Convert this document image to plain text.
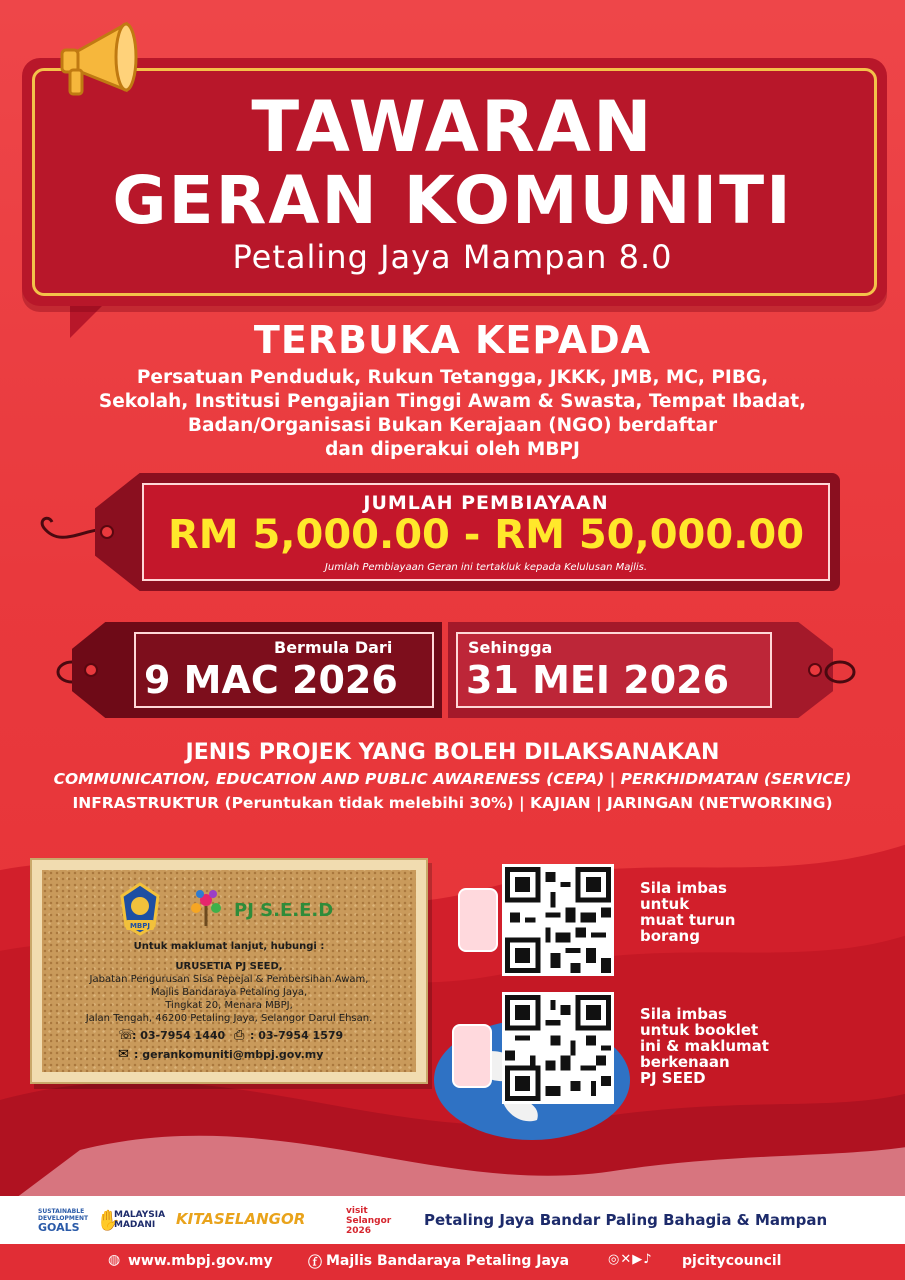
TAWARAN
GERAN KOMUNITI
Petaling Jaya Mampan 8.0
TERBUKA KEPADA
Persatuan Penduduk, Rukun Tetangga, JKKK, JMB, MC, PIBG,
Sekolah, Institusi Pengajian Tinggi Awam & Swasta, Tempat Ibadat,
Badan/Organisasi Bukan Kerajaan (NGO) berdaftar
dan diperakui oleh MBPJ
JUMLAH PEMBIAYAAN
RM 5,000.00 - RM 50,000.00
Jumlah Pembiayaan Geran ini tertakluk kepada Kelulusan Majlis.
Bermula Dari
9 MAC 2026
Sehingga
31 MEI 2026
JENIS PROJEK YANG BOLEH DILAKSANAKAN
COMMUNICATION, EDUCATION AND PUBLIC AWARENESS (CEPA) | PERKHIDMATAN (SERVICE)
INFRASTRUKTUR (Peruntukan tidak melebihi 30%) | KAJIAN | JARINGAN (NETWORKING)
MBPJ
PJ S.E.E.D
Untuk maklumat lanjut, hubungi :
URUSETIA PJ SEED,
Jabatan Pengurusan Sisa Pepejal & Pembersihan Awam,
Majlis Bandaraya Petaling Jaya,
Tingkat 20, Menara MBPJ,
Jalan Tengah, 46200 Petaling Jaya, Selangor Darul Ehsan.
☏
: 03-7954 1440 ⎙ : 03-7954 1579
✉ : gerankomuniti@mbpj.gov.my
Sila imbas
untuk
muat turun
borang
Sila imbas
untuk booklet
ini & maklumat
berkenaan
PJ SEED
SUSTAINABLE
DEVELOPMENT
GOALS ✋
MALAYSIA MADANI	KITASELANGOR	visit Selangor 2026
Petaling Jaya Bandar Paling Bahagia & Mampan
◍ www.mbpj.gov.my	ⓕ Majlis Bandaraya Petaling Jaya	◎✕▶♪ pjcitycouncil
